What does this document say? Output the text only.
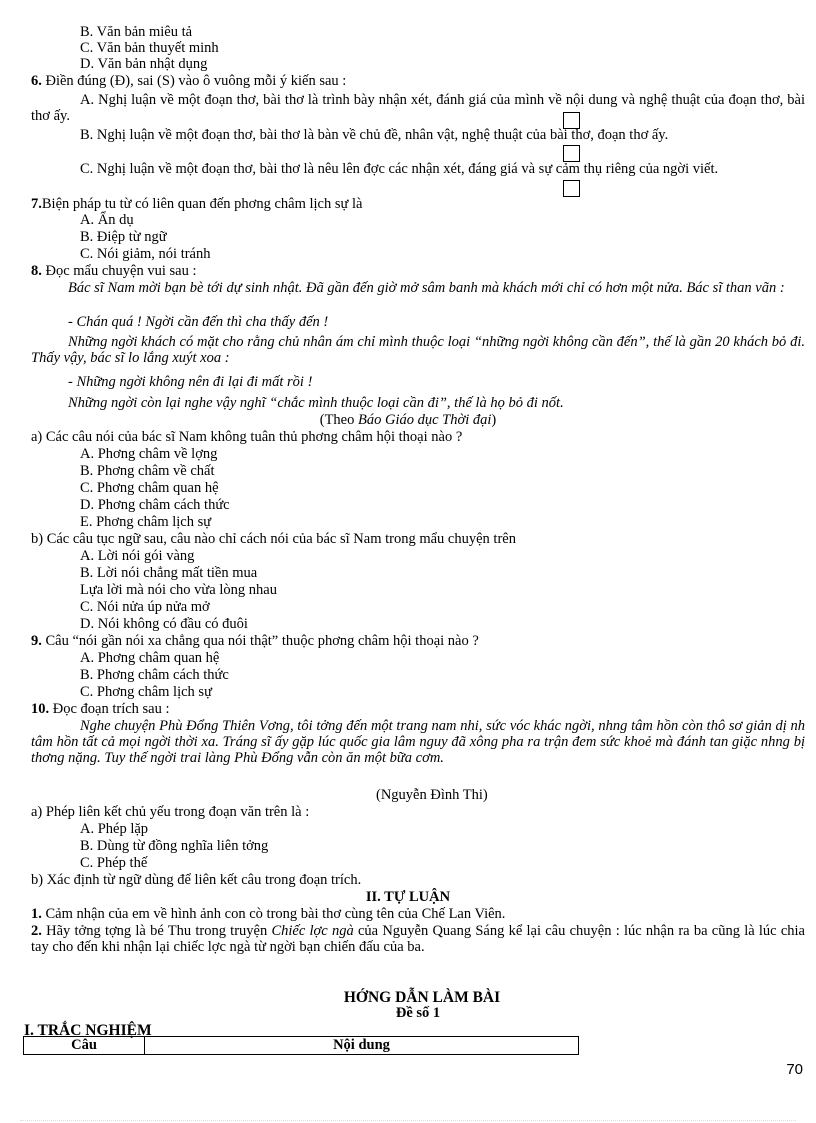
B. Văn bản miêu tả
C. Văn bản thuyết minh
D. Văn bản nhật dụng
6. Điền đúng (Đ), sai (S) vào ô vuông mỗi ý kiến sau :
A. Nghị luận về một đoạn thơ, bài thơ là trình bày nhận xét, đánh giá của mình về nội dung và nghệ thuật của đoạn thơ, bài thơ ấy.
B. Nghị luận về một đoạn thơ, bài thơ là bàn về chủ đề, nhân vật, nghệ thuật của bài thơ, đoạn thơ ấy.
C. Nghị luận về một đoạn thơ, bài thơ là nêu lên đợc các nhận xét, đáng giá và sự cảm thụ riêng của ngời viết.
7.Biện pháp tu từ có liên quan đến phơng châm lịch sự là
A. Ẩn dụ
B. Điệp từ ngữ
C. Nói giảm, nói tránh
8. Đọc mẩu chuyện vui sau :
Bác sĩ Nam mời bạn bè tới dự sinh nhật. Đã gần đến giờ mở sâm banh mà khách mới chỉ có hơn một nửa. Bác sĩ than vãn :
- Chán quá ! Ngời cần đến thì cha thấy đến !
Những ngời khách có mặt cho rằng chủ nhân ám chỉ mình thuộc loại “những ngời không cần đến”, thế là gần 20 khách bỏ đi. Thấy vậy, bác sĩ lo lắng xuýt xoa :
- Những ngời không nên đi lại đi mất rồi !
Những ngời còn lại nghe vậy nghĩ “chắc mình thuộc loại cần đi”, thế là họ bỏ đi nốt.
(Theo Báo Giáo dục Thời đại)
a) Các câu nói của bác sĩ Nam không tuân thủ phơng châm hội thoại nào ?
A. Phơng châm về lợng
B. Phơng châm về chất
C. Phơng châm quan hệ
D. Phơng châm cách thức
E. Phơng châm lịch sự
b) Các câu tục ngữ sau, câu nào chỉ cách nói của bác sĩ Nam trong mẩu chuyện trên
A. Lời nói gói vàng
B. Lời nói chẳng mất tiền mua
Lựa lời mà nói cho vừa lòng nhau
C. Nói nửa úp nửa mở
D. Nói không có đầu có đuôi
9. Câu “nói gần nói xa chẳng qua nói thật” thuộc phơng châm hội thoại nào ?
A. Phơng châm quan hệ
B. Phơng châm cách thức
C. Phơng châm lịch sự
10. Đọc đoạn trích sau :
Nghe chuyện Phù Đổng Thiên Vơng, tôi tởng đến một trang nam nhi, sức vóc khác ngời, nhng tâm hồn còn thô sơ giản dị nh tâm hồn tất cả mọi ngời thời xa. Tráng sĩ ấy gặp lúc quốc gia lâm nguy đã xông pha ra trận đem sức khoẻ mà đánh tan giặc nhng bị thơng nặng. Tuy thế ngời trai làng Phù Đổng vẫn còn ăn một bữa cơm.
(Nguyễn Đình Thi)
a) Phép liên kết chủ yếu trong đoạn văn trên là :
A. Phép lặp
B. Dùng từ đồng nghĩa liên tởng
C. Phép thế
b) Xác định từ ngữ dùng để liên kết câu trong đoạn trích.
II. TỰ LUẬN
1. Cảm nhận của em về hình ảnh con cò trong bài thơ cùng tên của Chế Lan Viên.
2. Hãy tởng tợng là bé Thu trong truyện Chiếc lợc ngà của Nguyễn Quang Sáng kể lại câu chuyện : lúc nhận ra ba cũng là lúc chia tay cho đến khi nhận lại chiếc lợc ngà từ ngời bạn chiến đấu của ba.
HỚNG DẪN LÀM BÀI
Đề số 1
I. TRẮC NGHIỆM
Câu	Nội dung
70
